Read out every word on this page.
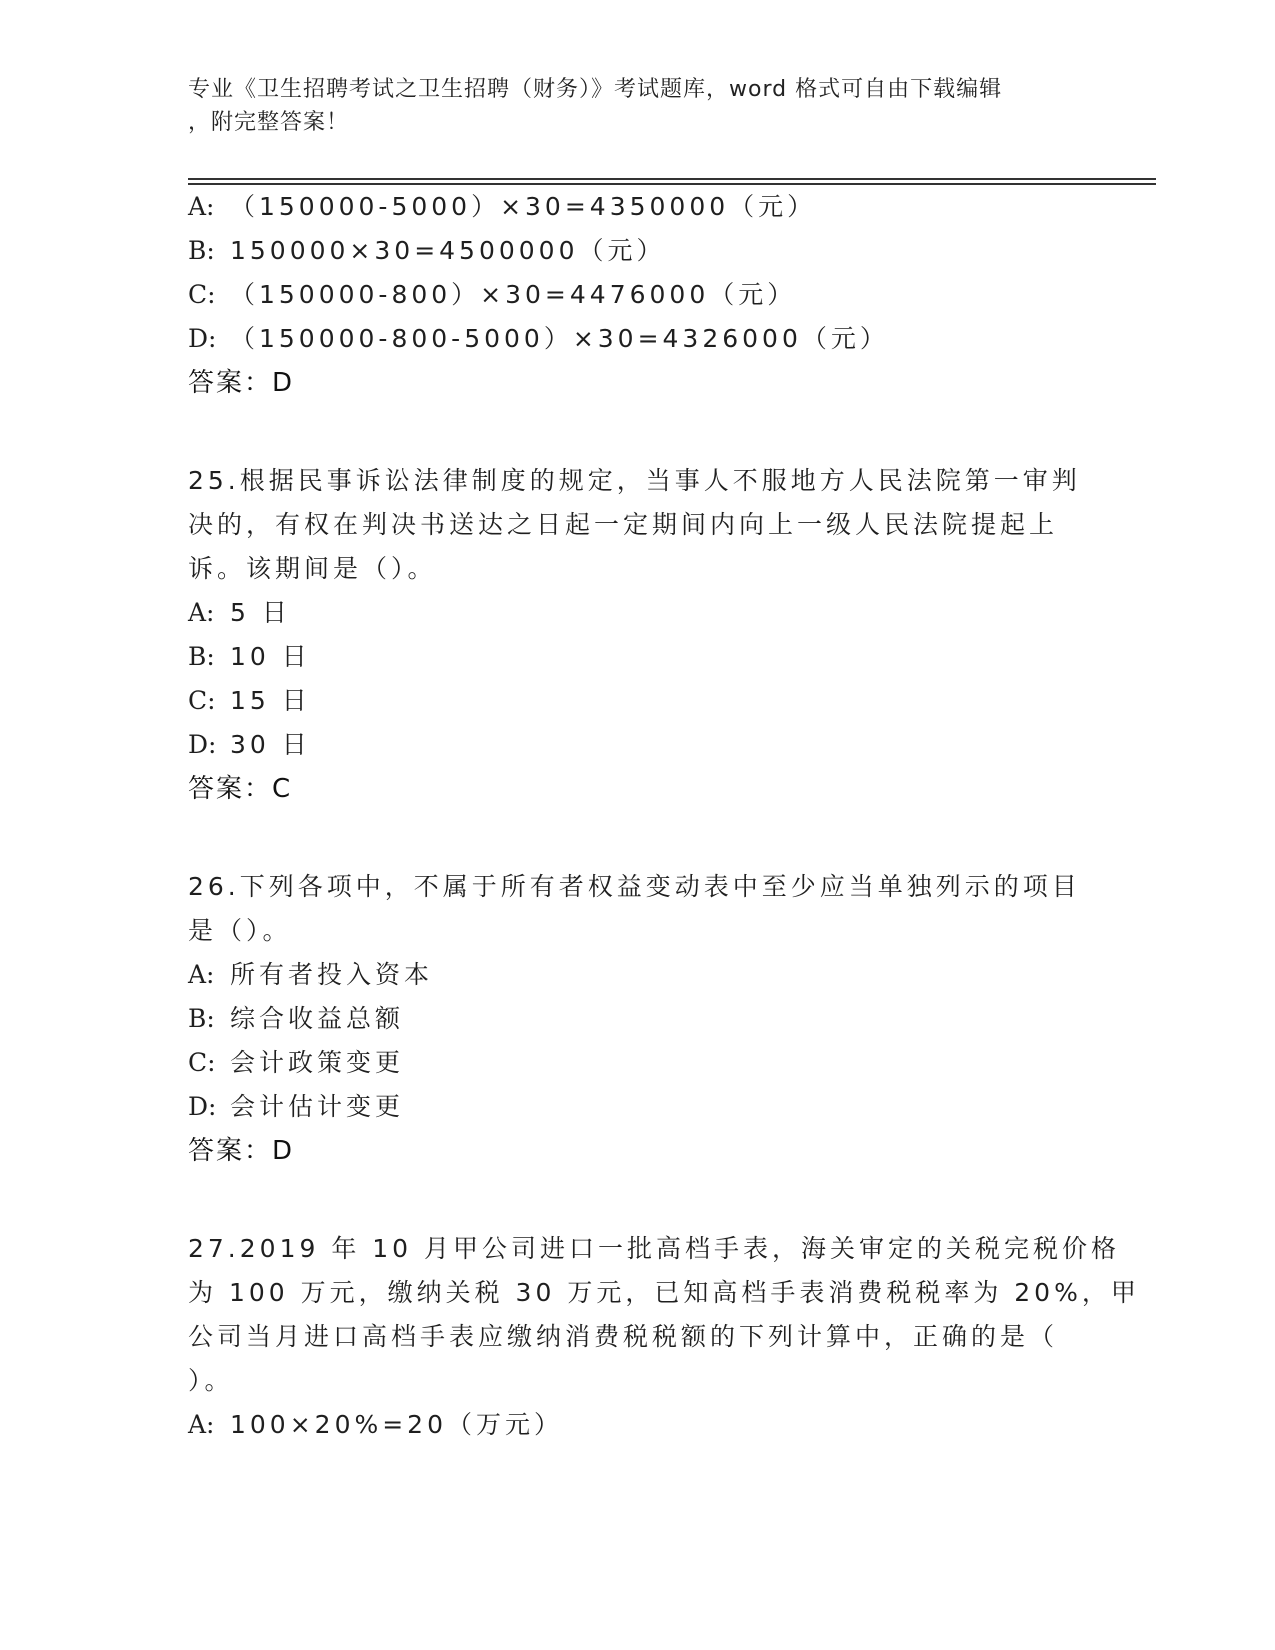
专业《卫生招聘考试之卫生招聘（财务）》考试题库，word 格式可自由下载编辑
，附完整答案！
A: （150000-5000）×30=4350000（元）
B: 150000×30=4500000（元）
C: （150000-800）×30=4476000（元）
D: （150000-800-5000）×30=4326000（元）
答案：D
25.根据民事诉讼法律制度的规定，当事人不服地方人民法院第一审判
决的，有权在判决书送达之日起一定期间内向上一级人民法院提起上
诉。该期间是（）。
A: 5 日
B: 10 日
C: 15 日
D: 30 日
答案：C
26.下列各项中，不属于所有者权益变动表中至少应当单独列示的项目
是（）。
A: 所有者投入资本
B: 综合收益总额
C: 会计政策变更
D: 会计估计变更
答案：D
27.2019 年 10 月甲公司进口一批高档手表，海关审定的关税完税价格
为 100 万元，缴纳关税 30 万元，已知高档手表消费税税率为 20%，甲
公司当月进口高档手表应缴纳消费税税额的下列计算中，正确的是（
）。
A: 100×20%=20（万元）
